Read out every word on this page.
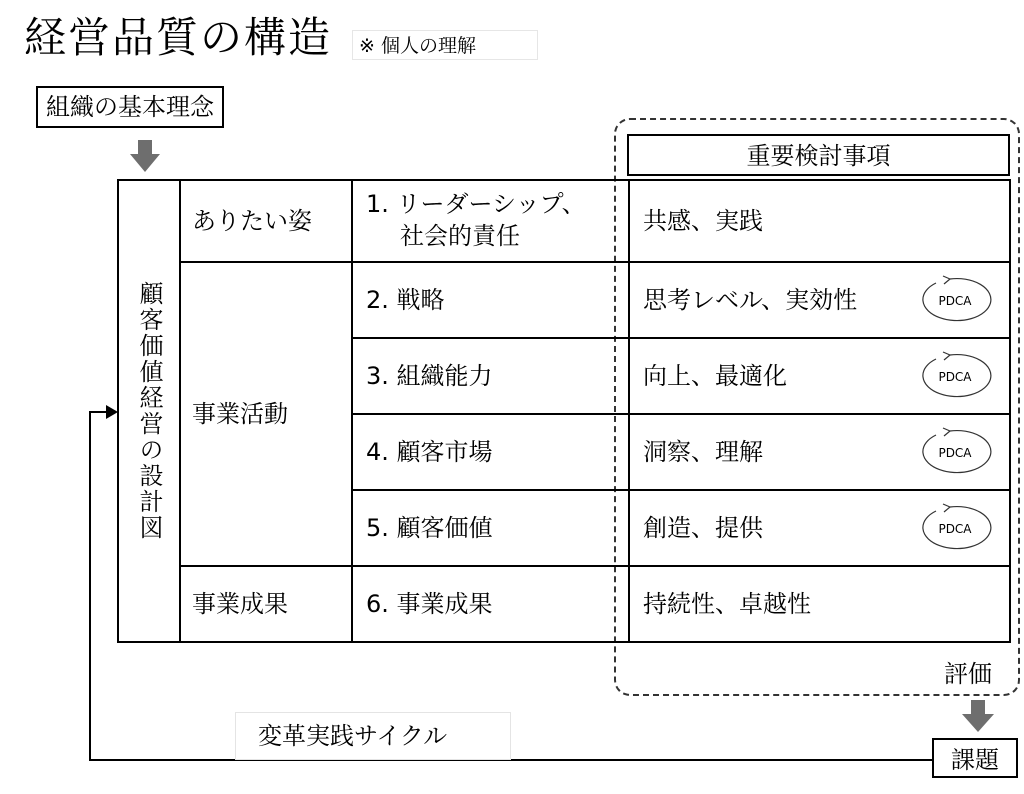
経営品質の構造	※ 個人の理解
組織の基本理念
重要検討事項
顧客価値経営の設計図
ありたい姿
事業活動
事業成果
1. リーダーシップ、
社会的責任
2. 戦略
3. 組織能力
4. 顧客市場
5. 顧客価値
6. 事業成果
共感、実践
思考レベル、実効性
向上、最適化
洞察、理解
創造、提供
持続性、卓越性
PDCA
PDCA
PDCA
PDCA
評価
変革実践サイクル
課題
